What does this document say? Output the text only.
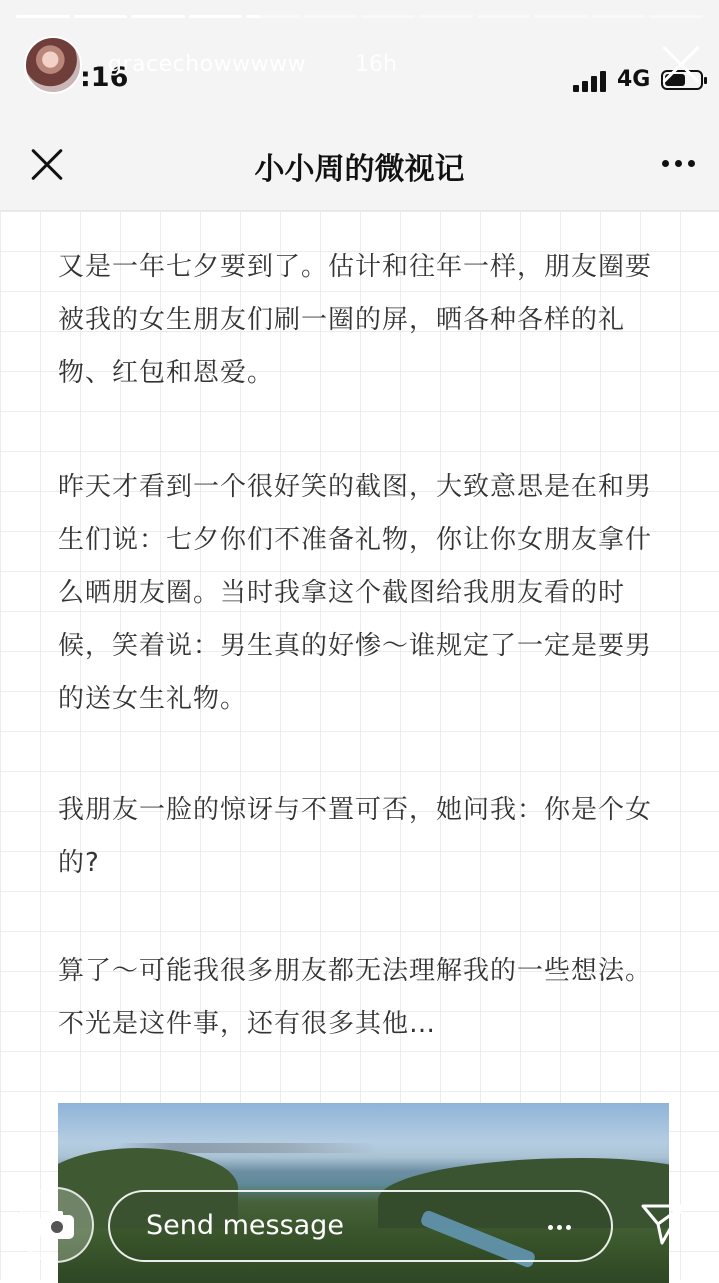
:16
gracechowwwww 16h
4G
小小周的微视记

又是一年七夕要到了。估计和往年一样，朋友圈要被我的女生朋友们刷一圈的屏，晒各种各样的礼物、红包和恩爱。

昨天才看到一个很好笑的截图，大致意思是在和男生们说：七夕你们不准备礼物，你让你女朋友拿什么晒朋友圈。当时我拿这个截图给我朋友看的时候，笑着说：男生真的好惨～谁规定了一定是要男的送女生礼物。

我朋友一脸的惊讶与不置可否，她问我：你是个女的?

算了～可能我很多朋友都无法理解我的一些想法。不光是这件事，还有很多其他…

Send message
